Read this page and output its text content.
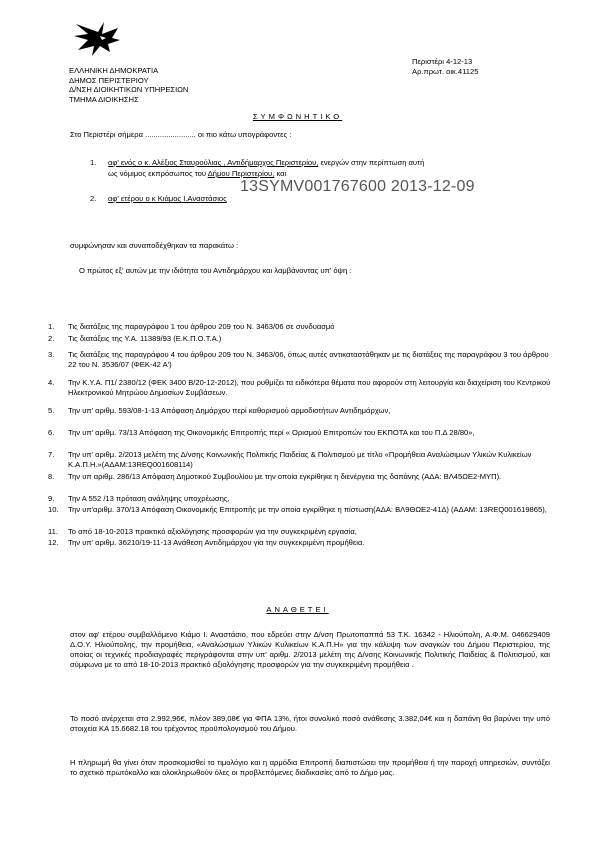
ΕΛΛΗΝΙΚΗ ΔΗΜΟΚΡΑΤΙΑ
ΔΗΜΟΣ ΠΕΡΙΣΤΕΡΙΟΥ
Δ/ΝΣΗ ΔΙΟΙΚΗΤΙΚΩΝ ΥΠΗΡΕΣΙΩΝ
ΤΜΗΜΑ ΔΙΟΙΚΗΣΗΣ
Περιστέρι 4-12-13
Αρ.πρωτ. οικ.41125
ΣΥΜΦΩΝΗΤΙΚΟ
Στο Περιστέρι σήμερα ........................ οι πιο κάτω υπογράφοντες :
1. αφ' ενός ο κ. Αλέξιος Σταυρούλιας , Αντιδήμαρχος Περιστερίου, ενεργών στην περίπτωση αυτή
ως νόμιμος εκπρόσωπος του Δήμου Περιστερίου, και
13SYMV001767600 2013-12-09
2. αφ' ετέρου ο κ Κιάμος Ι.Αναστάσιος
συμφώνησαν και συναποδέχθηκαν τα παρακάτω :
Ο πρώτος εξ' αυτών με την ιδιότητα του Αντιδημάρχου και λαμβάνοντας υπ' όψη :
1.	Τις διατάξεις της παραγράφου 1 του άρθρου 209 του Ν. 3463/06 σε συνδυασμό
2.	Τις διατάξεις της Υ.Α. 11389/93 (Ε.Κ.Π.Ο.Τ.Α.)
3.	Τις διατάξεις της παραγράφου 4 του άρθρου 209 του Ν. 3463/06, όπως αυτές αντικαταστάθηκαν με τις διατάξεις της παραγράφου 3 του άρθρου 22 του Ν. 3536/07 (ΦΕΚ-42 Α')
4.	Την Κ.Υ.Α. Π1/ 2380/12 (ΦΕΚ 3400 Β/20-12-2012), που ρυθμίζει τα ειδικότερα θέματα που αφορούν στη λειτουργία και διαχείριση του Κεντρικού Ηλεκτρονικού Μητρώου Δημοσίων Συμβάσεων.
5.	Την υπ' αριθμ. 593/08-1-13 Απόφαση Δημάρχου περί καθορισμού αρμοδιοτήτων Αντιδημάρχων,
6.	Την υπ' αριθμ. 73/13 Απόφαση της Οικονομικής Επιτροπής περί « Ορισμού Επιτροπών του ΕΚΠΟΤΑ και του Π.Δ 28/80»,
7.	Την υπ' αριθμ. 2/2013 μελέτη της Δ/νσης Κοινωνικής Πολιτικής Παιδείας & Πολιτισμού με τίτλο «Προμήθεια Αναλώσιμων Υλικών Κυλικείων Κ.Α.Π.Η.»(ΑΔΑΜ:13REQ001608114)
8.	Την υπ αριθμ. 286/13 Απόφαση Δημοτικού Συμβουλίου με την οποία εγκρίθηκε η διενέργεια της δαπάνης (ΑΔΑ: ΒΛ45ΩΕ2-ΜΥΠ).
9.	Την Α 552 /13 πρόταση ανάληψης υποχρέωσης,
10.	Την υπ'αριθμ. 370/13 Απόφαση Οικονομικής Επιτροπής με την οποία εγκρίθηκε η πίστωση(ΑΔΑ: ΒΛ9ΘΩΕ2-41Δ) (ΑΔΑΜ: 13REQ001619865),
11.	Το από 18-10-2013 πρακτικό αξιολόγησης προσφορών για την συγκεκριμένη εργασία,
12.	Την υπ' αριθμ. 36210/19-11-13 Ανάθεση Αντιδημάρχου για την συγκεκριμένη προμήθεια.
ΑΝΑΘΕΤΕΙ
στον αφ' ετέρου συμβαλλόμενο Κιάμο Ι. Αναστάσιο, που εδρεύει στην Δ/νση Πρωτοπαππά 53 Τ.Κ. 16342 - Ηλιούπολη, Α.Φ.Μ. 046629409 Δ.Ο.Υ. Ηλιούπολης, την προμήθεια, «Αναλώσιμων Υλικών Κυλικείων Κ.Α.Π.Η» για την κάλυψη των αναγκών του Δήμου Περιστερίου, της οποίας οι τεχνικές προδιαγραφές περιγράφονται στην υπ' αριθμ. 2/2013 μελέτη της Δ/νσης Κοινωνικής Πολιτικής Παιδείας & Πολιτισμού, και σύμφωνα με το από 18-10-2013 πρακτικό αξιολόγησης προσφορών για την συγκεκριμένη προμήθεια .
Το ποσό ανέρχεται στα 2.992,96€, πλέον 389,08€ για ΦΠΑ 13%, ήτοι συνολικό ποσό ανάθεσης 3.382,04€ και η δαπάνη θα βαρύνει την υπό στοιχεία ΚΑ 15.6682.18 του τρέχοντος προϋπολογισμού του Δήμου.
Η πληρωμή θα γίνει όταν προσκομισθεί το τιμολόγιο και η αρμόδια Επιτροπή διαπιστώσει την προμήθεια ή την παροχή υπηρεσιών, συντάξει το σχετικό πρωτόκολλο και ολοκληρωθούν όλες οι προβλεπόμενες διαδικασίες από το Δήμο μας.
